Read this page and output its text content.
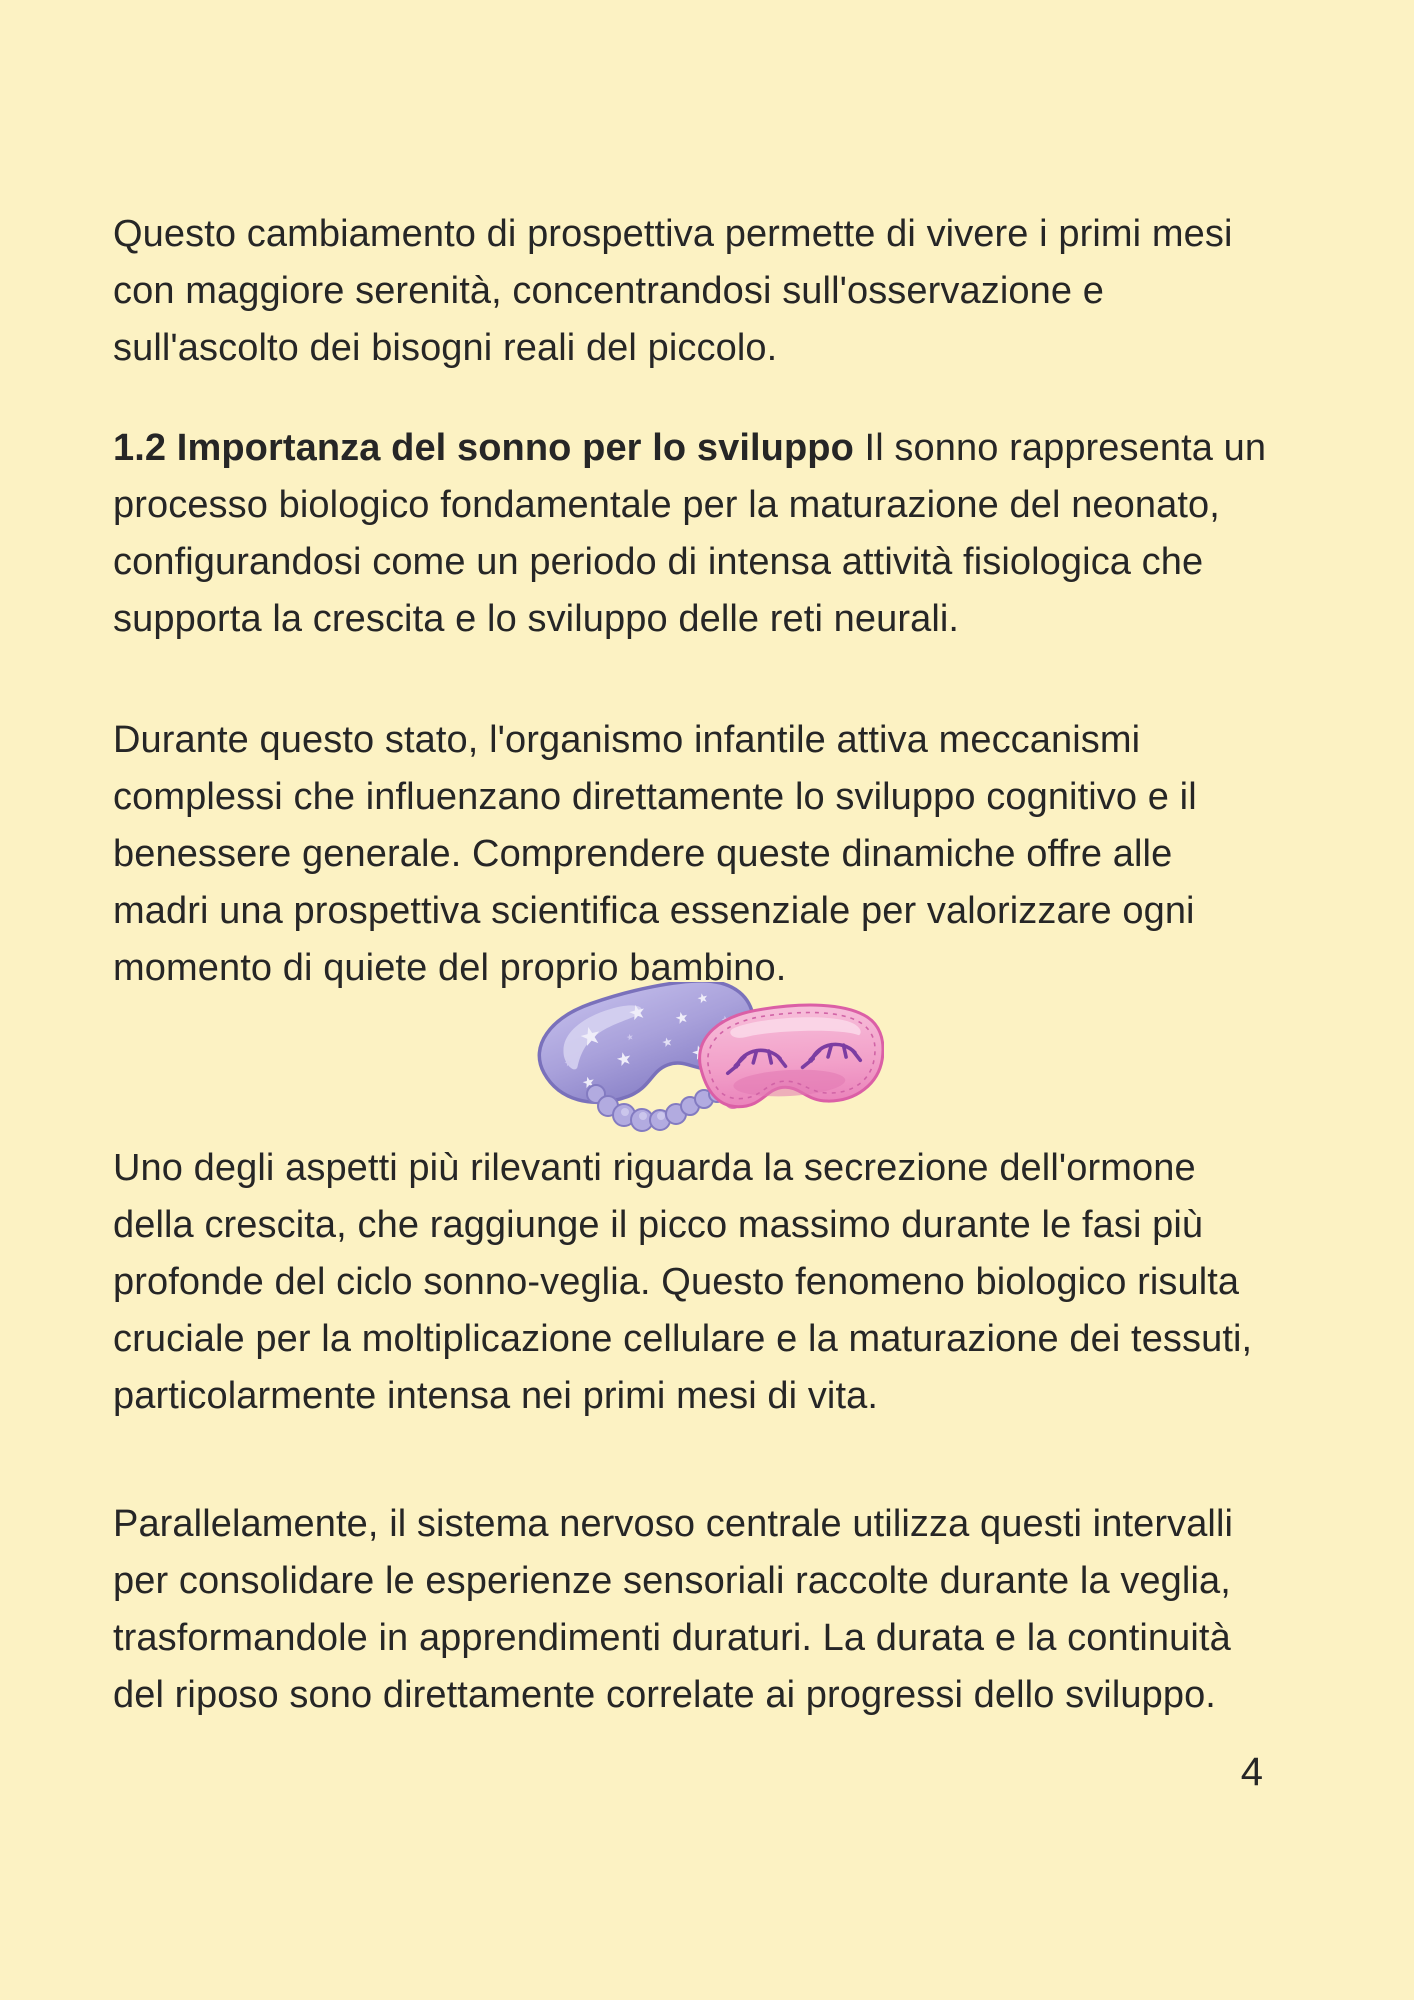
Questo cambiamento di prospettiva permette di vivere i primi mesi con maggiore serenità, concentrandosi sull'osservazione e sull'ascolto dei bisogni reali del piccolo.

1.2 Importanza del sonno per lo sviluppo Il sonno rappresenta un processo biologico fondamentale per la maturazione del neonato, configurandosi come un periodo di intensa attività fisiologica che supporta la crescita e lo sviluppo delle reti neurali.

Durante questo stato, l'organismo infantile attiva meccanismi complessi che influenzano direttamente lo sviluppo cognitivo e il benessere generale. Comprendere queste dinamiche offre alle madri una prospettiva scientifica essenziale per valorizzare ogni momento di quiete del proprio bambino.

Uno degli aspetti più rilevanti riguarda la secrezione dell'ormone della crescita, che raggiunge il picco massimo durante le fasi più profonde del ciclo sonno-veglia. Questo fenomeno biologico risulta cruciale per la moltiplicazione cellulare e la maturazione dei tessuti, particolarmente intensa nei primi mesi di vita.

Parallelamente, il sistema nervoso centrale utilizza questi intervalli per consolidare le esperienze sensoriali raccolte durante la veglia, trasformandole in apprendimenti duraturi. La durata e la continuità del riposo sono direttamente correlate ai progressi dello sviluppo.

4
